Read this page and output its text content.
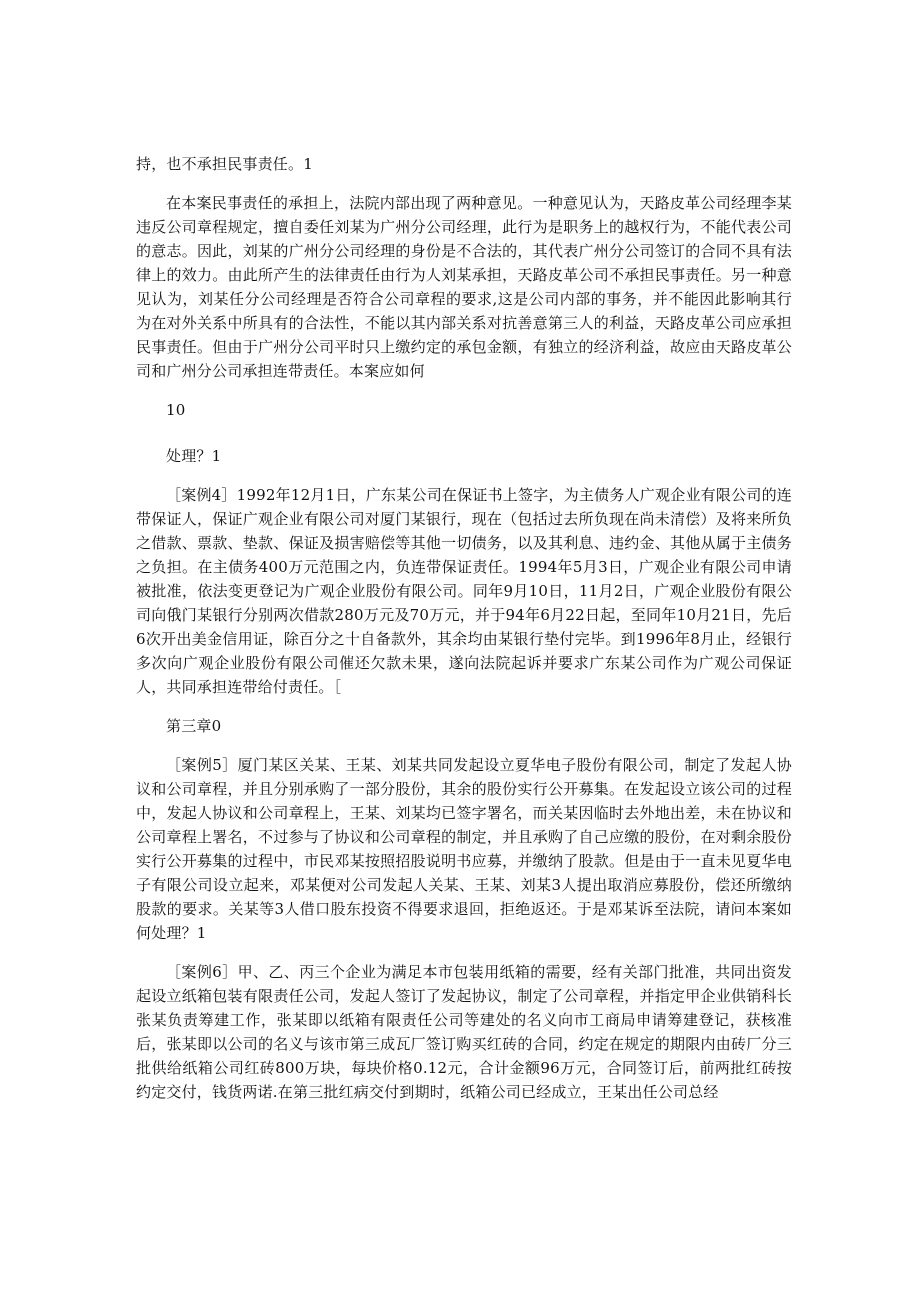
持，也不承担民事责任。1

在本案民事责任的承担上，法院内部出现了两种意见。一种意见认为，天路皮革公司经理李某违反公司章程规定，擅自委任刘某为广州分公司经理，此行为是职务上的越权行为，不能代表公司的意志。因此，刘某的广州分公司经理的身份是不合法的，其代表广州分公司签订的合同不具有法律上的效力。由此所产生的法律责任由行为人刘某承担，天路皮革公司不承担民事责任。另一种意见认为，刘某任分公司经理是否符合公司章程的要求,这是公司内部的事务，并不能因此影响其行为在对外关系中所具有的合法性，不能以其内部关系对抗善意第三人的利益，天路皮革公司应承担民事责任。但由于广州分公司平时只上缴约定的承包金额，有独立的经济利益，故应由天路皮革公司和广州分公司承担连带责任。本案应如何

10

处理？1

［案例4］1992年12月1日，广东某公司在保证书上签字，为主债务人广观企业有限公司的连带保证人，保证广观企业有限公司对厦门某银行，现在（包括过去所负现在尚未清偿）及将来所负之借款、票款、垫款、保证及损害赔偿等其他一切债务，以及其利息、违约金、其他从属于主债务之负担。在主债务400万元范围之内，负连带保证责任。1994年5月3日，广观企业有限公司申请被批准，依法变更登记为广观企业股份有限公司。同年9月10日，11月2日，广观企业股份有限公司向俄门某银行分别两次借款280万元及70万元，并于94年6月22日起，至同年10月21日，先后6次开出美金信用证，除百分之十自备款外，其余均由某银行垫付完毕。到1996年8月止，经银行多次向广观企业股份有限公司催还欠款未果，遂向法院起诉并要求广东某公司作为广观公司保证人，共同承担连带给付责任。［

第三章0

［案例5］厦门某区关某、王某、刘某共同发起设立夏华电子股份有限公司，制定了发起人协议和公司章程，并且分别承购了一部分股份，其余的股份实行公开募集。在发起设立该公司的过程中，发起人协议和公司章程上，王某、刘某均已签字署名，而关某因临时去外地出差，未在协议和公司章程上署名，不过参与了协议和公司章程的制定，并且承购了自己应缴的股份，在对剩余股份实行公开募集的过程中，市民邓某按照招股说明书应募，并缴纳了股款。但是由于一直未见夏华电子有限公司设立起来，邓某便对公司发起人关某、王某、刘某3人提出取消应募股份，偿还所缴纳股款的要求。关某等3人借口股东投资不得要求退回，拒绝返还。于是邓某诉至法院，请问本案如何处理？1

［案例6］甲、乙、丙三个企业为满足本市包装用纸箱的需要，经有关部门批准，共同出资发起设立纸箱包装有限责任公司，发起人签订了发起协议，制定了公司章程，并指定甲企业供销科长张某负责筹建工作，张某即以纸箱有限责任公司等建处的名义向市工商局申请筹建登记，获核准后，张某即以公司的名义与该市第三成瓦厂签订购买红砖的合同，约定在规定的期限内由砖厂分三批供给纸箱公司红砖800万块，每块价格0.12元，合计金额96万元，合同签订后，前两批红砖按约定交付，钱货两诺.在第三批红病交付到期时，纸箱公司已经成立，王某出任公司总经
